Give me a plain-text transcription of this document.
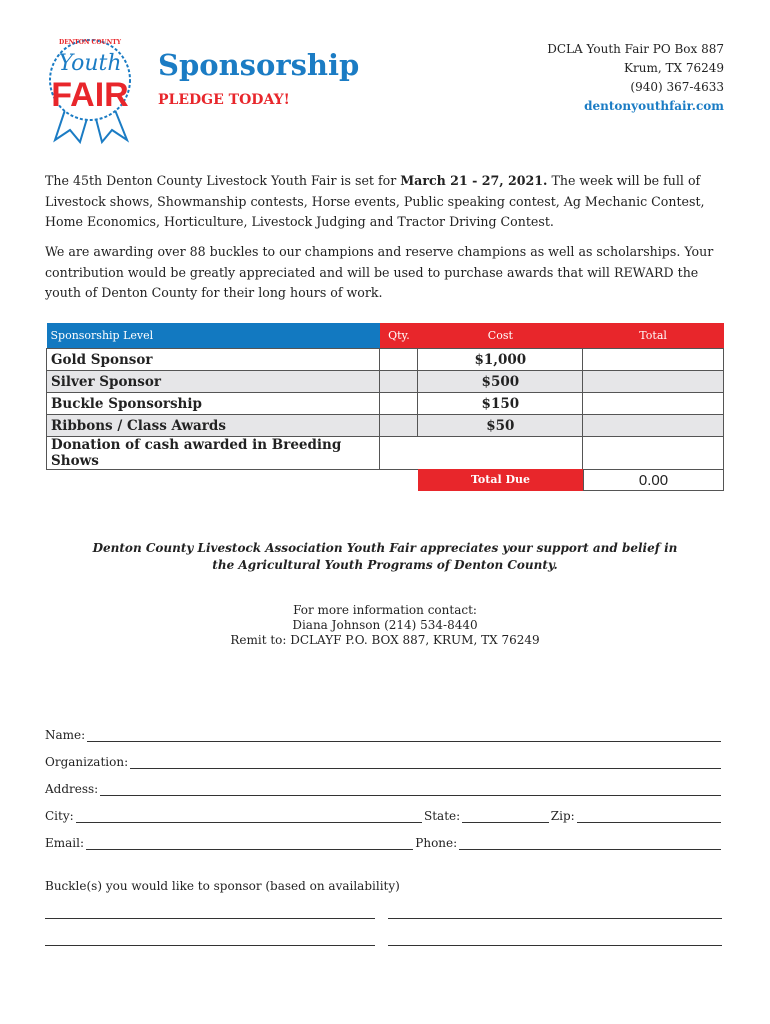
DENTON COUNTY
Youth
FAIR
Sponsorship
PLEDGE TODAY!
DCLA Youth Fair PO Box 887
Krum, TX 76249
(940) 367-4633
dentonyouthfair.com
The 45th Denton County Livestock Youth Fair is set for March 21 - 27, 2021. The week will be full of Livestock shows, Showmanship contests, Horse events, Public speaking contest, Ag Mechanic Contest, Home Economics, Horticulture, Livestock Judging and Tractor Driving Contest.
We are awarding over 88 buckles to our champions and reserve champions as well as scholarships. Your contribution would be greatly appreciated and will be used to purchase awards that will REWARD the youth of Denton County for their long hours of work.
Sponsorship Level	Qty.	Cost	Total
Gold Sponsor		$1,000	
Silver Sponsor		$500	
Buckle Sponsorship		$150	
Ribbons / Class Awards		$50	
Donation of cash awarded in Breeding Shows			
Total Due	0.00
Denton County Livestock Association Youth Fair appreciates your support and belief in
the Agricultural Youth Programs of Denton County.
For more information contact:
Diana Johnson (214) 534-8440
Remit to: DCLAYF P.O. BOX 887, KRUM, TX 76249
Name:
Organization:
Address:
City:	State:	Zip:
Email:	Phone:
Buckle(s) you would like to sponsor (based on availability)
